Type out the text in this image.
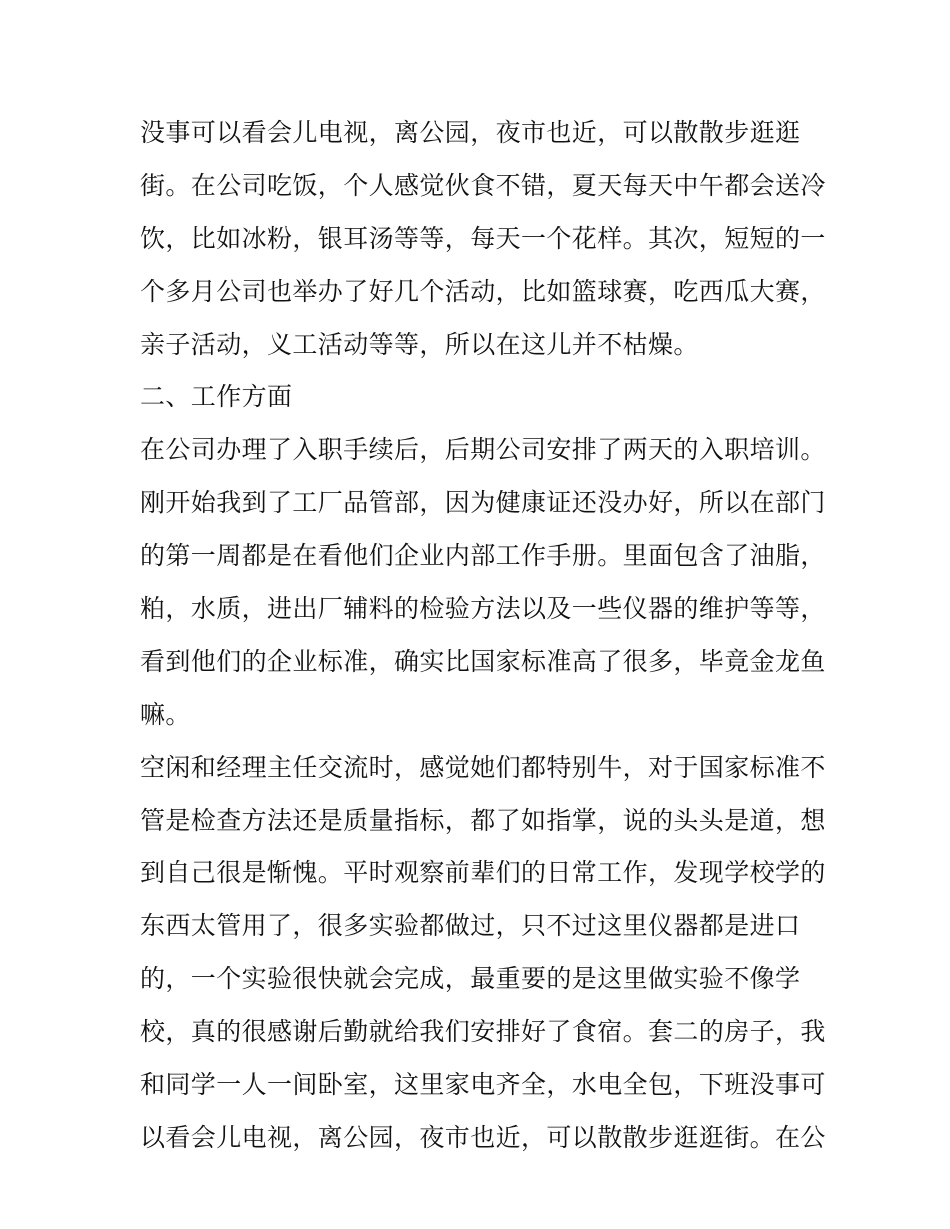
没事可以看会儿电视，离公园，夜市也近，可以散散步逛逛
街。在公司吃饭，个人感觉伙食不错，夏天每天中午都会送冷
饮，比如冰粉，银耳汤等等，每天一个花样。其次，短短的一
个多月公司也举办了好几个活动，比如篮球赛，吃西瓜大赛，
亲子活动，义工活动等等，所以在这儿并不枯燥。
二、工作方面
在公司办理了入职手续后，后期公司安排了两天的入职培训。
刚开始我到了工厂品管部，因为健康证还没办好，所以在部门
的第一周都是在看他们企业内部工作手册。里面包含了油脂，
粕，水质，进出厂辅料的检验方法以及一些仪器的维护等等，
看到他们的企业标准，确实比国家标准高了很多，毕竟金龙鱼
嘛。
空闲和经理主任交流时，感觉她们都特别牛，对于国家标准不
管是检查方法还是质量指标，都了如指掌，说的头头是道，想
到自己很是惭愧。平时观察前辈们的日常工作，发现学校学的
东西太管用了，很多实验都做过，只不过这里仪器都是进口
的，一个实验很快就会完成，最重要的是这里做实验不像学
校，真的很感谢后勤就给我们安排好了食宿。套二的房子，我
和同学一人一间卧室，这里家电齐全，水电全包，下班没事可
以看会儿电视，离公园，夜市也近，可以散散步逛逛街。在公
